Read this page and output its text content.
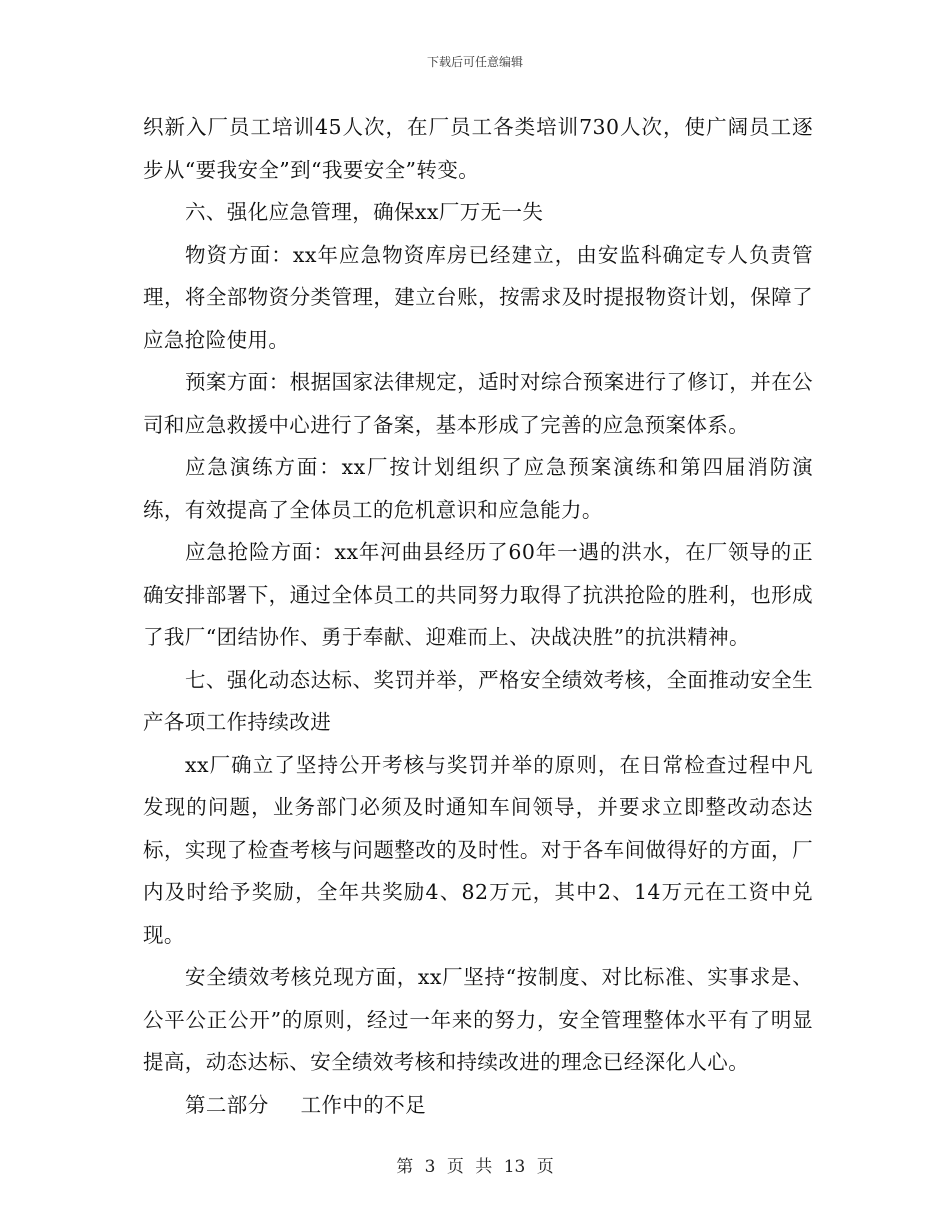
下载后可任意编辑

织新入厂员工培训45人次，在厂员工各类培训730人次，使广阔员工逐步从“要我安全”到“我要安全”转变。

六、强化应急管理，确保xx厂万无一失

物资方面：xx年应急物资库房已经建立，由安监科确定专人负责管理，将全部物资分类管理，建立台账，按需求及时提报物资计划，保障了应急抢险使用。

预案方面：根据国家法律规定，适时对综合预案进行了修订，并在公司和应急救援中心进行了备案，基本形成了完善的应急预案体系。

应急演练方面：xx厂按计划组织了应急预案演练和第四届消防演练，有效提高了全体员工的危机意识和应急能力。

应急抢险方面：xx年河曲县经历了60年一遇的洪水，在厂领导的正确安排部署下，通过全体员工的共同努力取得了抗洪抢险的胜利，也形成了我厂“团结协作、勇于奉献、迎难而上、决战决胜”的抗洪精神。

七、强化动态达标、奖罚并举，严格安全绩效考核，全面推动安全生产各项工作持续改进

xx厂确立了坚持公开考核与奖罚并举的原则，在日常检查过程中凡发现的问题，业务部门必须及时通知车间领导，并要求立即整改动态达标，实现了检查考核与问题整改的及时性。对于各车间做得好的方面，厂内及时给予奖励，全年共奖励4、82万元，其中2、14万元在工资中兑现。

安全绩效考核兑现方面，xx厂坚持“按制度、对比标准、实事求是、公平公正公开”的原则，经过一年来的努力，安全管理整体水平有了明显提高，动态达标、安全绩效考核和持续改进的理念已经深化人心。

第二部分 工作中的不足

第 3 页 共 13 页
